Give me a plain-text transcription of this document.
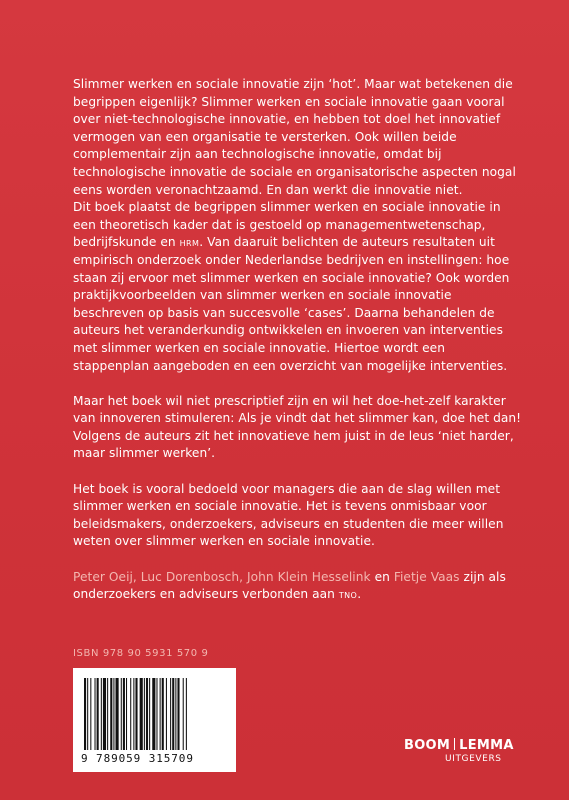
Slimmer werken en sociale innovatie zijn ‘hot’. Maar wat betekenen die begrippen eigenlijk? Slimmer werken en sociale innovatie gaan vooral over niet-technologische innovatie, en hebben tot doel het innovatief vermogen van een organisatie te versterken. Ook willen beide complementair zijn aan technologische innovatie, omdat bij technologische innovatie de sociale en organisatorische aspecten nogal eens worden veronachtzaamd. En dan werkt die innovatie niet.

Dit boek plaatst de begrippen slimmer werken en sociale innovatie in een theoretisch kader dat is gestoeld op managementwetenschap, bedrijfskunde en hrm. Van daaruit belichten de auteurs resultaten uit empirisch onderzoek onder Nederlandse bedrijven en instellingen: hoe staan zij ervoor met slimmer werken en sociale innovatie? Ook worden praktijkvoorbeelden van slimmer werken en sociale innovatie beschreven op basis van succesvolle ‘cases’. Daarna behandelen de auteurs het veranderkundig ontwikkelen en invoeren van interventies met slimmer werken en sociale innovatie. Hiertoe wordt een stappenplan aangeboden en een overzicht van mogelijke interventies.

Maar het boek wil niet prescriptief zijn en wil het doe-het-zelf karakter van innoveren stimuleren: Als je vindt dat het slimmer kan, doe het dan! Volgens de auteurs zit het innovatieve hem juist in de leus ‘niet harder, maar slimmer werken’.

Het boek is vooral bedoeld voor managers die aan de slag willen met slimmer werken en sociale innovatie. Het is tevens onmisbaar voor beleidsmakers, onderzoekers, adviseurs en studenten die meer willen weten over slimmer werken en sociale innovatie.

Peter Oeij, Luc Dorenbosch, John Klein Hesselink en Fietje Vaas zijn als onderzoekers en adviseurs verbonden aan tno.

ISBN 978 90 5931 570 9
9 789059 315709
BOOM LEMMA
UITGEVERS
